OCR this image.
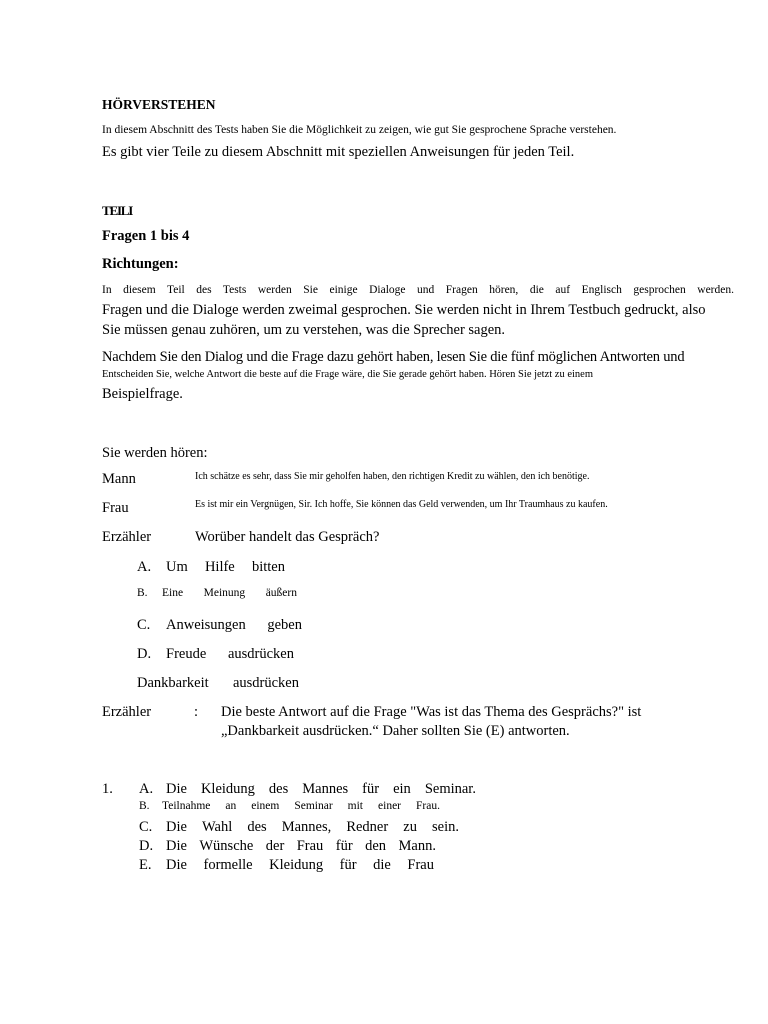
HÖRVERSTEHEN
In diesem Abschnitt des Tests haben Sie die Möglichkeit zu zeigen, wie gut Sie gesprochene Sprache verstehen.
Es gibt vier Teile zu diesem Abschnitt mit speziellen Anweisungen für jeden Teil.
TEILI
Fragen 1 bis 4
Richtungen:
In diesem Teil des Tests werden Sie einige Dialoge und Fragen hören, die auf Englisch gesprochen werden.
Fragen und die Dialoge werden zweimal gesprochen. Sie werden nicht in Ihrem Testbuch gedruckt, also
Sie müssen genau zuhören, um zu verstehen, was die Sprecher sagen.
Nachdem Sie den Dialog und die Frage dazu gehört haben, lesen Sie die fünf möglichen Antworten und
Entscheiden Sie, welche Antwort die beste auf die Frage wäre, die Sie gerade gehört haben. Hören Sie jetzt zu einem
Beispielfrage.
Sie werden hören:
Mann	Ich schätze es sehr, dass Sie mir geholfen haben, den richtigen Kredit zu wählen, den ich benötige.
Frau	Es ist mir ein Vergnügen, Sir. Ich hoffe, Sie können das Geld verwenden, um Ihr Traumhaus zu kaufen.
Erzähler	Worüber handelt das Gespräch?
A. Um Hilfe bitten
B. Eine Meinung äußern
C. Anweisungen geben
D. Freude ausdrücken
Dankbarkeit ausdrücken
Erzähler	: Die beste Antwort auf die Frage "Was ist das Thema des Gesprächs?" ist
„Dankbarkeit ausdrücken.“ Daher sollten Sie (E) antworten.
1. A. Die Kleidung des Mannes für ein Seminar.
B. Teilnahme an einem Seminar mit einer Frau.
C. Die Wahl des Mannes, Redner zu sein.
D. Die Wünsche der Frau für den Mann.
E. Die formelle Kleidung für die Frau
